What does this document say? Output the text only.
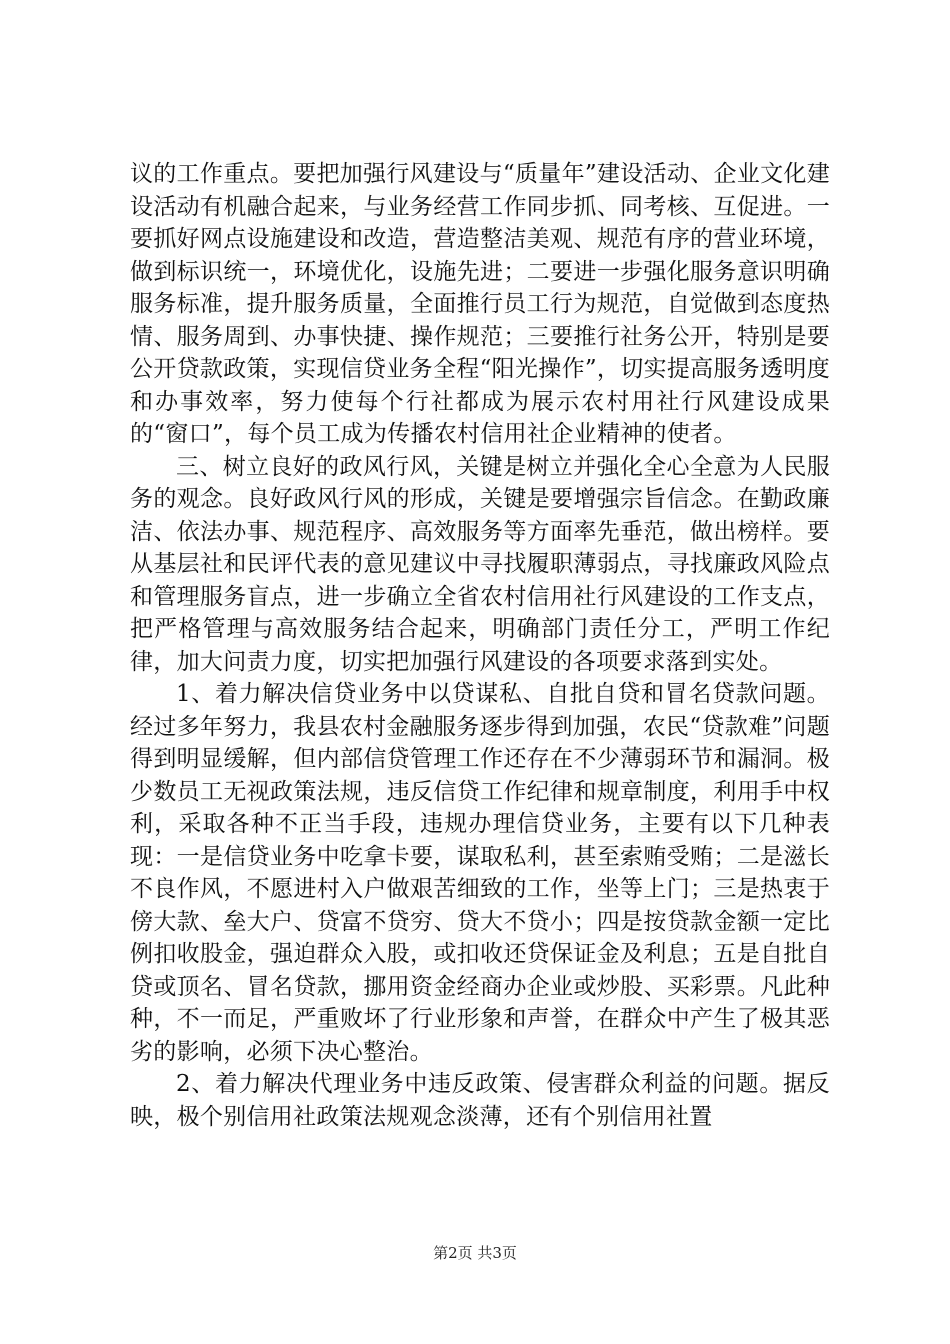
议的工作重点。要把加强行风建设与“质量年”建设活动、企业文化建设活动有机融合起来，与业务经营工作同步抓、同考核、互促进。一要抓好网点设施建设和改造，营造整洁美观、规范有序的营业环境，做到标识统一，环境优化，设施先进；二要进一步强化服务意识明确服务标准，提升服务质量，全面推行员工行为规范，自觉做到态度热情、服务周到、办事快捷、操作规范；三要推行社务公开，特别是要公开贷款政策，实现信贷业务全程“阳光操作”，切实提高服务透明度和办事效率，努力使每个行社都成为展示农村用社行风建设成果的“窗口”，每个员工成为传播农村信用社企业精神的使者。

三、树立良好的政风行风，关键是树立并强化全心全意为人民服务的观念。良好政风行风的形成，关键是要增强宗旨信念。在勤政廉洁、依法办事、规范程序、高效服务等方面率先垂范，做出榜样。要从基层社和民评代表的意见建议中寻找履职薄弱点，寻找廉政风险点和管理服务盲点，进一步确立全省农村信用社行风建设的工作支点，把严格管理与高效服务结合起来，明确部门责任分工，严明工作纪律，加大问责力度，切实把加强行风建设的各项要求落到实处。

1、着力解决信贷业务中以贷谋私、自批自贷和冒名贷款问题。经过多年努力，我县农村金融服务逐步得到加强，农民“贷款难”问题得到明显缓解，但内部信贷管理工作还存在不少薄弱环节和漏洞。极少数员工无视政策法规，违反信贷工作纪律和规章制度，利用手中权利，采取各种不正当手段，违规办理信贷业务，主要有以下几种表现：一是信贷业务中吃拿卡要，谋取私利，甚至索贿受贿；二是滋长不良作风，不愿进村入户做艰苦细致的工作，坐等上门；三是热衷于傍大款、垒大户、贷富不贷穷、贷大不贷小；四是按贷款金额一定比例扣收股金，强迫群众入股，或扣收还贷保证金及利息；五是自批自贷或顶名、冒名贷款，挪用资金经商办企业或炒股、买彩票。凡此种种，不一而足，严重败坏了行业形象和声誉，在群众中产生了极其恶劣的影响，必须下决心整治。

2、着力解决代理业务中违反政策、侵害群众利益的问题。据反映，极个别信用社政策法规观念淡薄，还有个别信用社置

第2页 共3页
